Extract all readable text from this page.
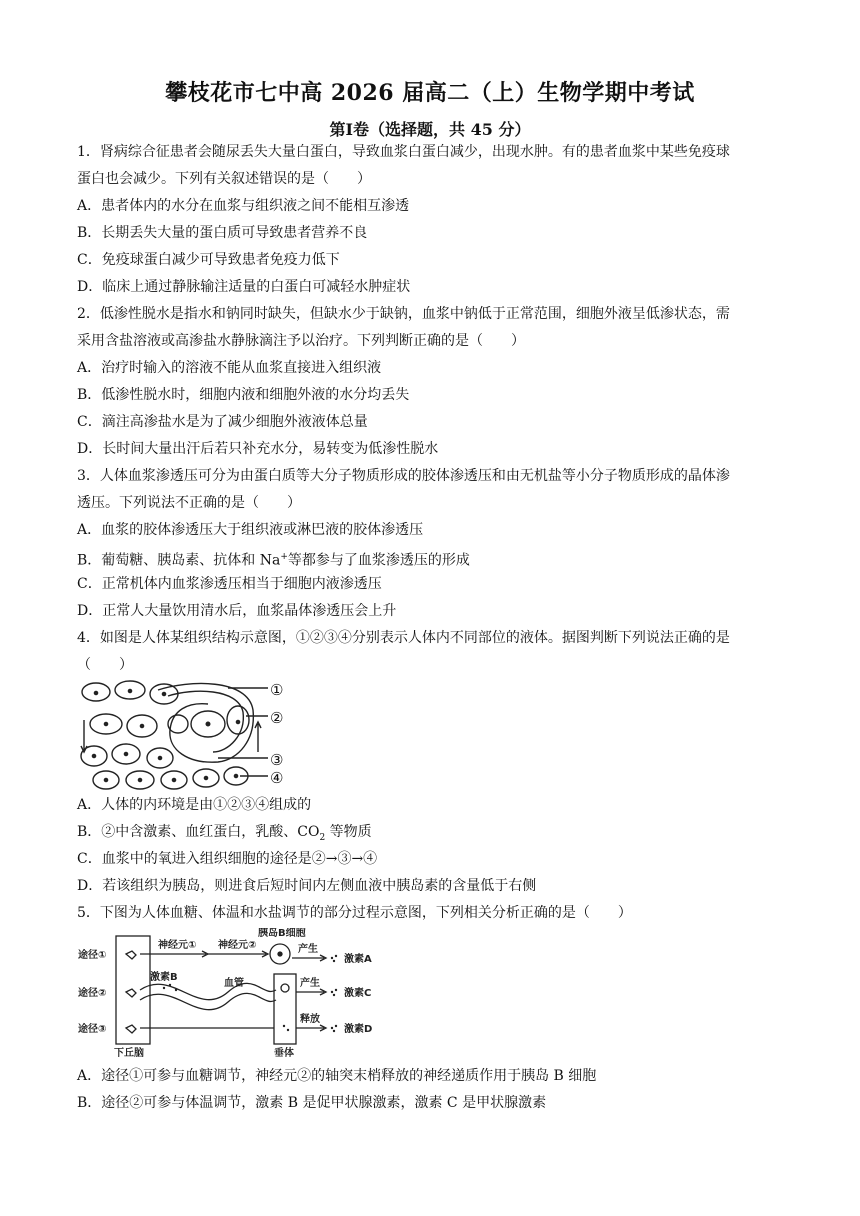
攀枝花市七中高 2026 届高二（上）生物学期中考试
第Ⅰ卷（选择题，共 45 分）
1．肾病综合征患者会随尿丢失大量白蛋白，导致血浆白蛋白减少，出现水肿。有的患者血浆中某些免疫球
蛋白也会减少。下列有关叙述错误的是（　　）
A．患者体内的水分在血浆与组织液之间不能相互渗透
B．长期丢失大量的蛋白质可导致患者营养不良
C．免疫球蛋白减少可导致患者免疫力低下
D．临床上通过静脉输注适量的白蛋白可减轻水肿症状
2．低渗性脱水是指水和钠同时缺失，但缺水少于缺钠，血浆中钠低于正常范围，细胞外液呈低渗状态，需
采用含盐溶液或高渗盐水静脉滴注予以治疗。下列判断正确的是（　　）
A．治疗时输入的溶液不能从血浆直接进入组织液
B．低渗性脱水时，细胞内液和细胞外液的水分均丢失
C．滴注高渗盐水是为了减少细胞外液液体总量
D．长时间大量出汗后若只补充水分，易转变为低渗性脱水
3．人体血浆渗透压可分为由蛋白质等大分子物质形成的胶体渗透压和由无机盐等小分子物质形成的晶体渗
透压。下列说法不正确的是（　　）
A．血浆的胶体渗透压大于组织液或淋巴液的胶体渗透压
B．葡萄糖、胰岛素、抗体和 Na+等都参与了血浆渗透压的形成
C．正常机体内血浆渗透压相当于细胞内液渗透压
D．正常人大量饮用清水后，血浆晶体渗透压会上升
4．如图是人体某组织结构示意图，①②③④分别表示人体内不同部位的液体。据图判断下列说法正确的是
（　　）
①
②
③
④
A．人体的内环境是由①②③④组成的
B．②中含激素、血红蛋白，乳酸、$CO_2$ 等物质
C．血浆中的氧进入组织细胞的途径是②→③→④
D．若该组织为胰岛，则进食后短时间内左侧血液中胰岛素的含量低于右侧
5．下图为人体血糖、体温和水盐调节的部分过程示意图，下列相关分析正确的是（　　）
途径①
途径②
途径③
神经元① 神经元②
胰岛B细胞
产生
激素A
激素B
血管	产生
激素C
释放
激素D
下丘脑	垂体
A．途径①可参与血糖调节，神经元②的轴突末梢释放的神经递质作用于胰岛 B 细胞
B．途径②可参与体温调节，激素 B 是促甲状腺激素，激素 C 是甲状腺激素
